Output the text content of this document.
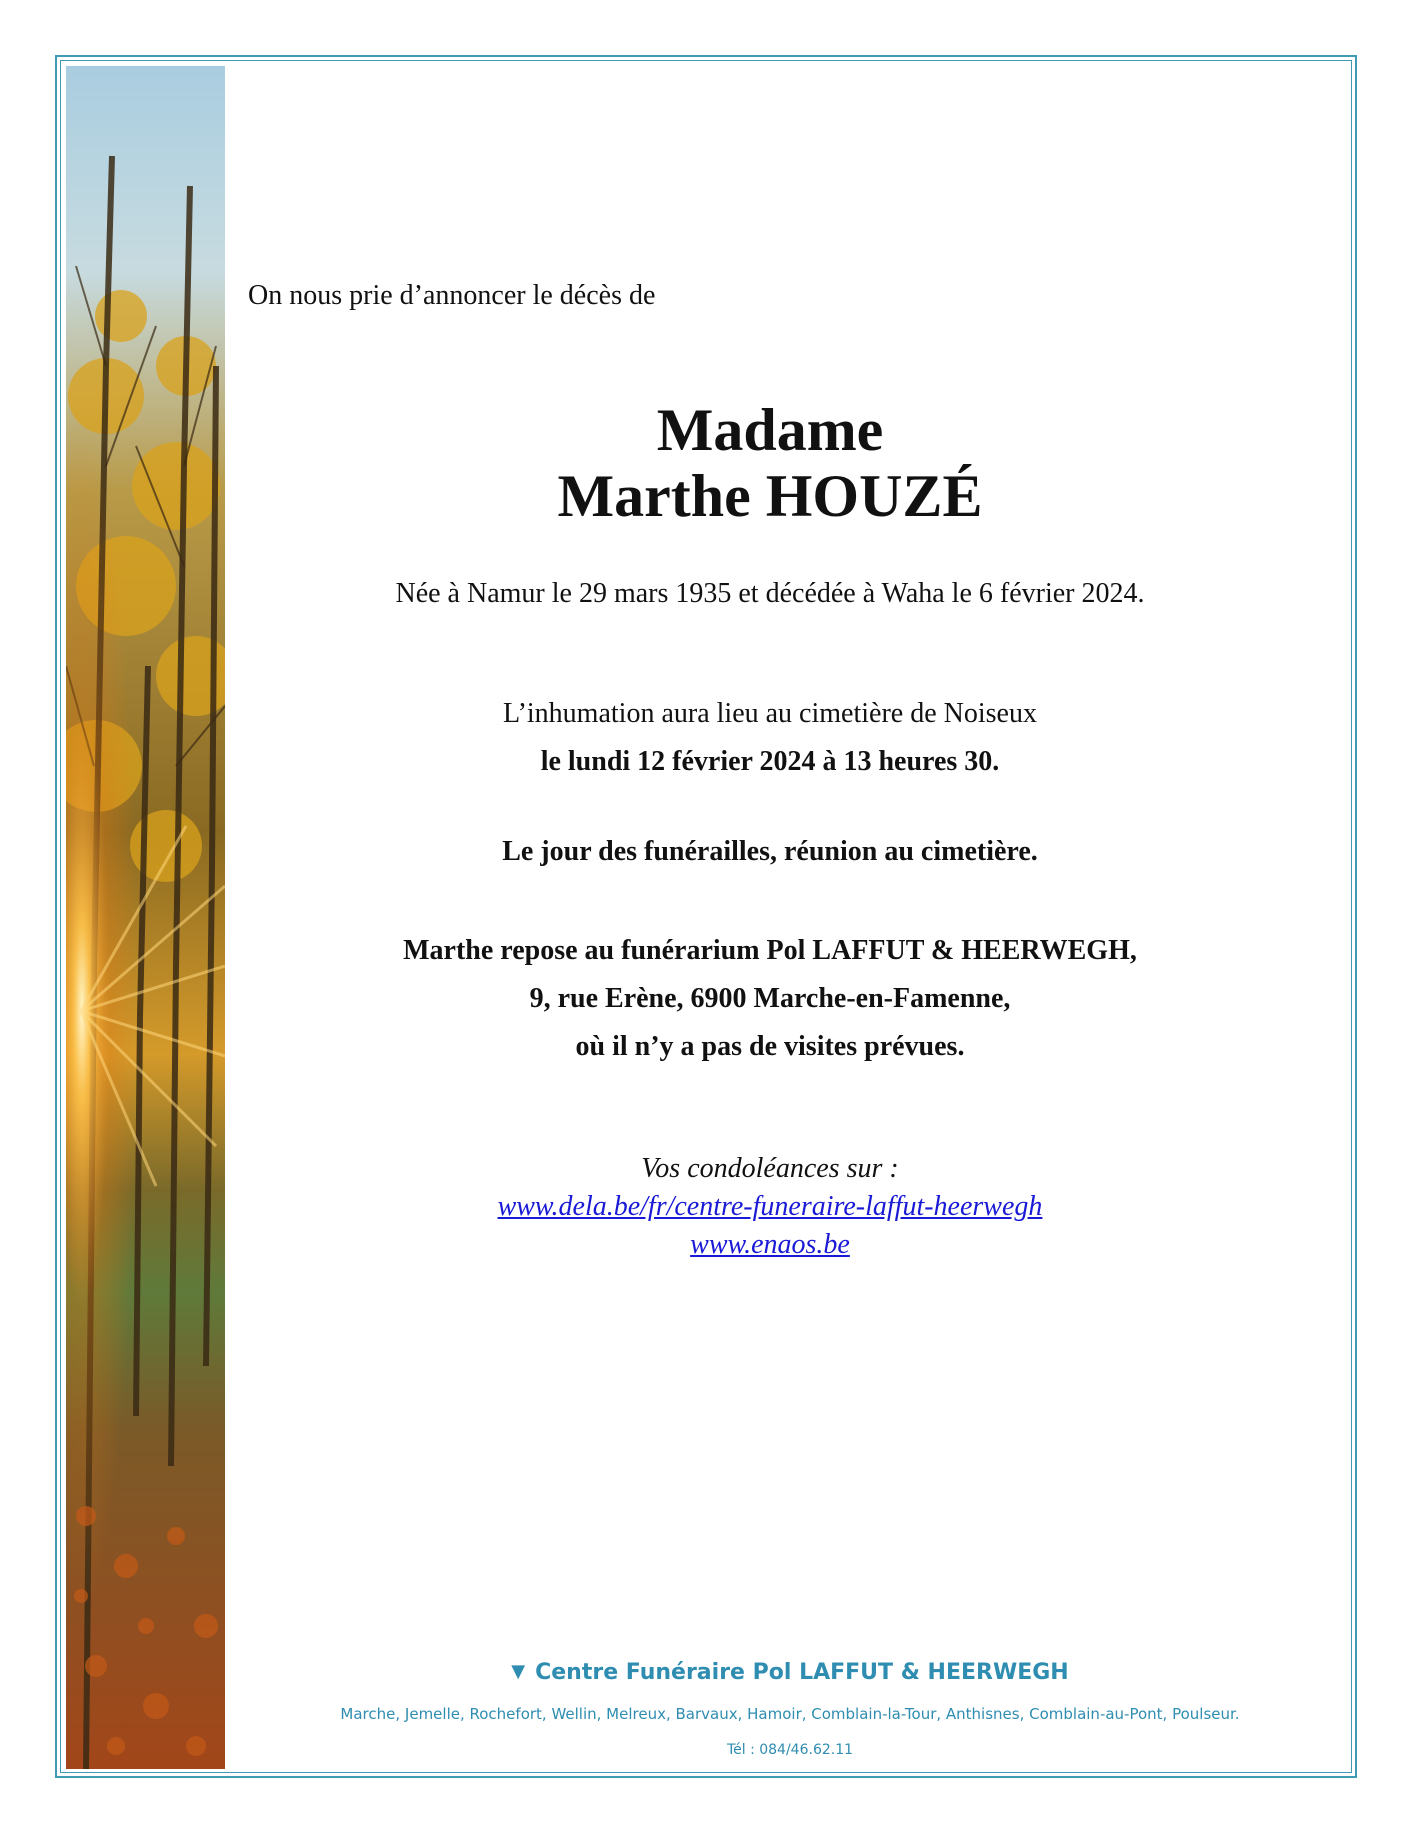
On nous prie d’annoncer le décès de
Madame
Marthe HOUZÉ
Née à Namur le 29 mars 1935 et décédée à Waha le 6 février 2024.
L’inhumation aura lieu au cimetière de Noiseux
le lundi 12 février 2024 à 13 heures 30.
Le jour des funérailles, réunion au cimetière.
Marthe repose au funérarium Pol LAFFUT & HEERWEGH,
9, rue Erène, 6900 Marche-en-Famenne,
où il n’y a pas de visites prévues.
Vos condoléances sur :
www.dela.be/fr/centre-funeraire-laffut-heerwegh
www.enaos.be
▼ Centre Funéraire Pol LAFFUT & HEERWEGH
Marche, Jemelle, Rochefort, Wellin, Melreux, Barvaux, Hamoir, Comblain-la-Tour, Anthisnes, Comblain-au-Pont, Poulseur.
Tél : 084/46.62.11
